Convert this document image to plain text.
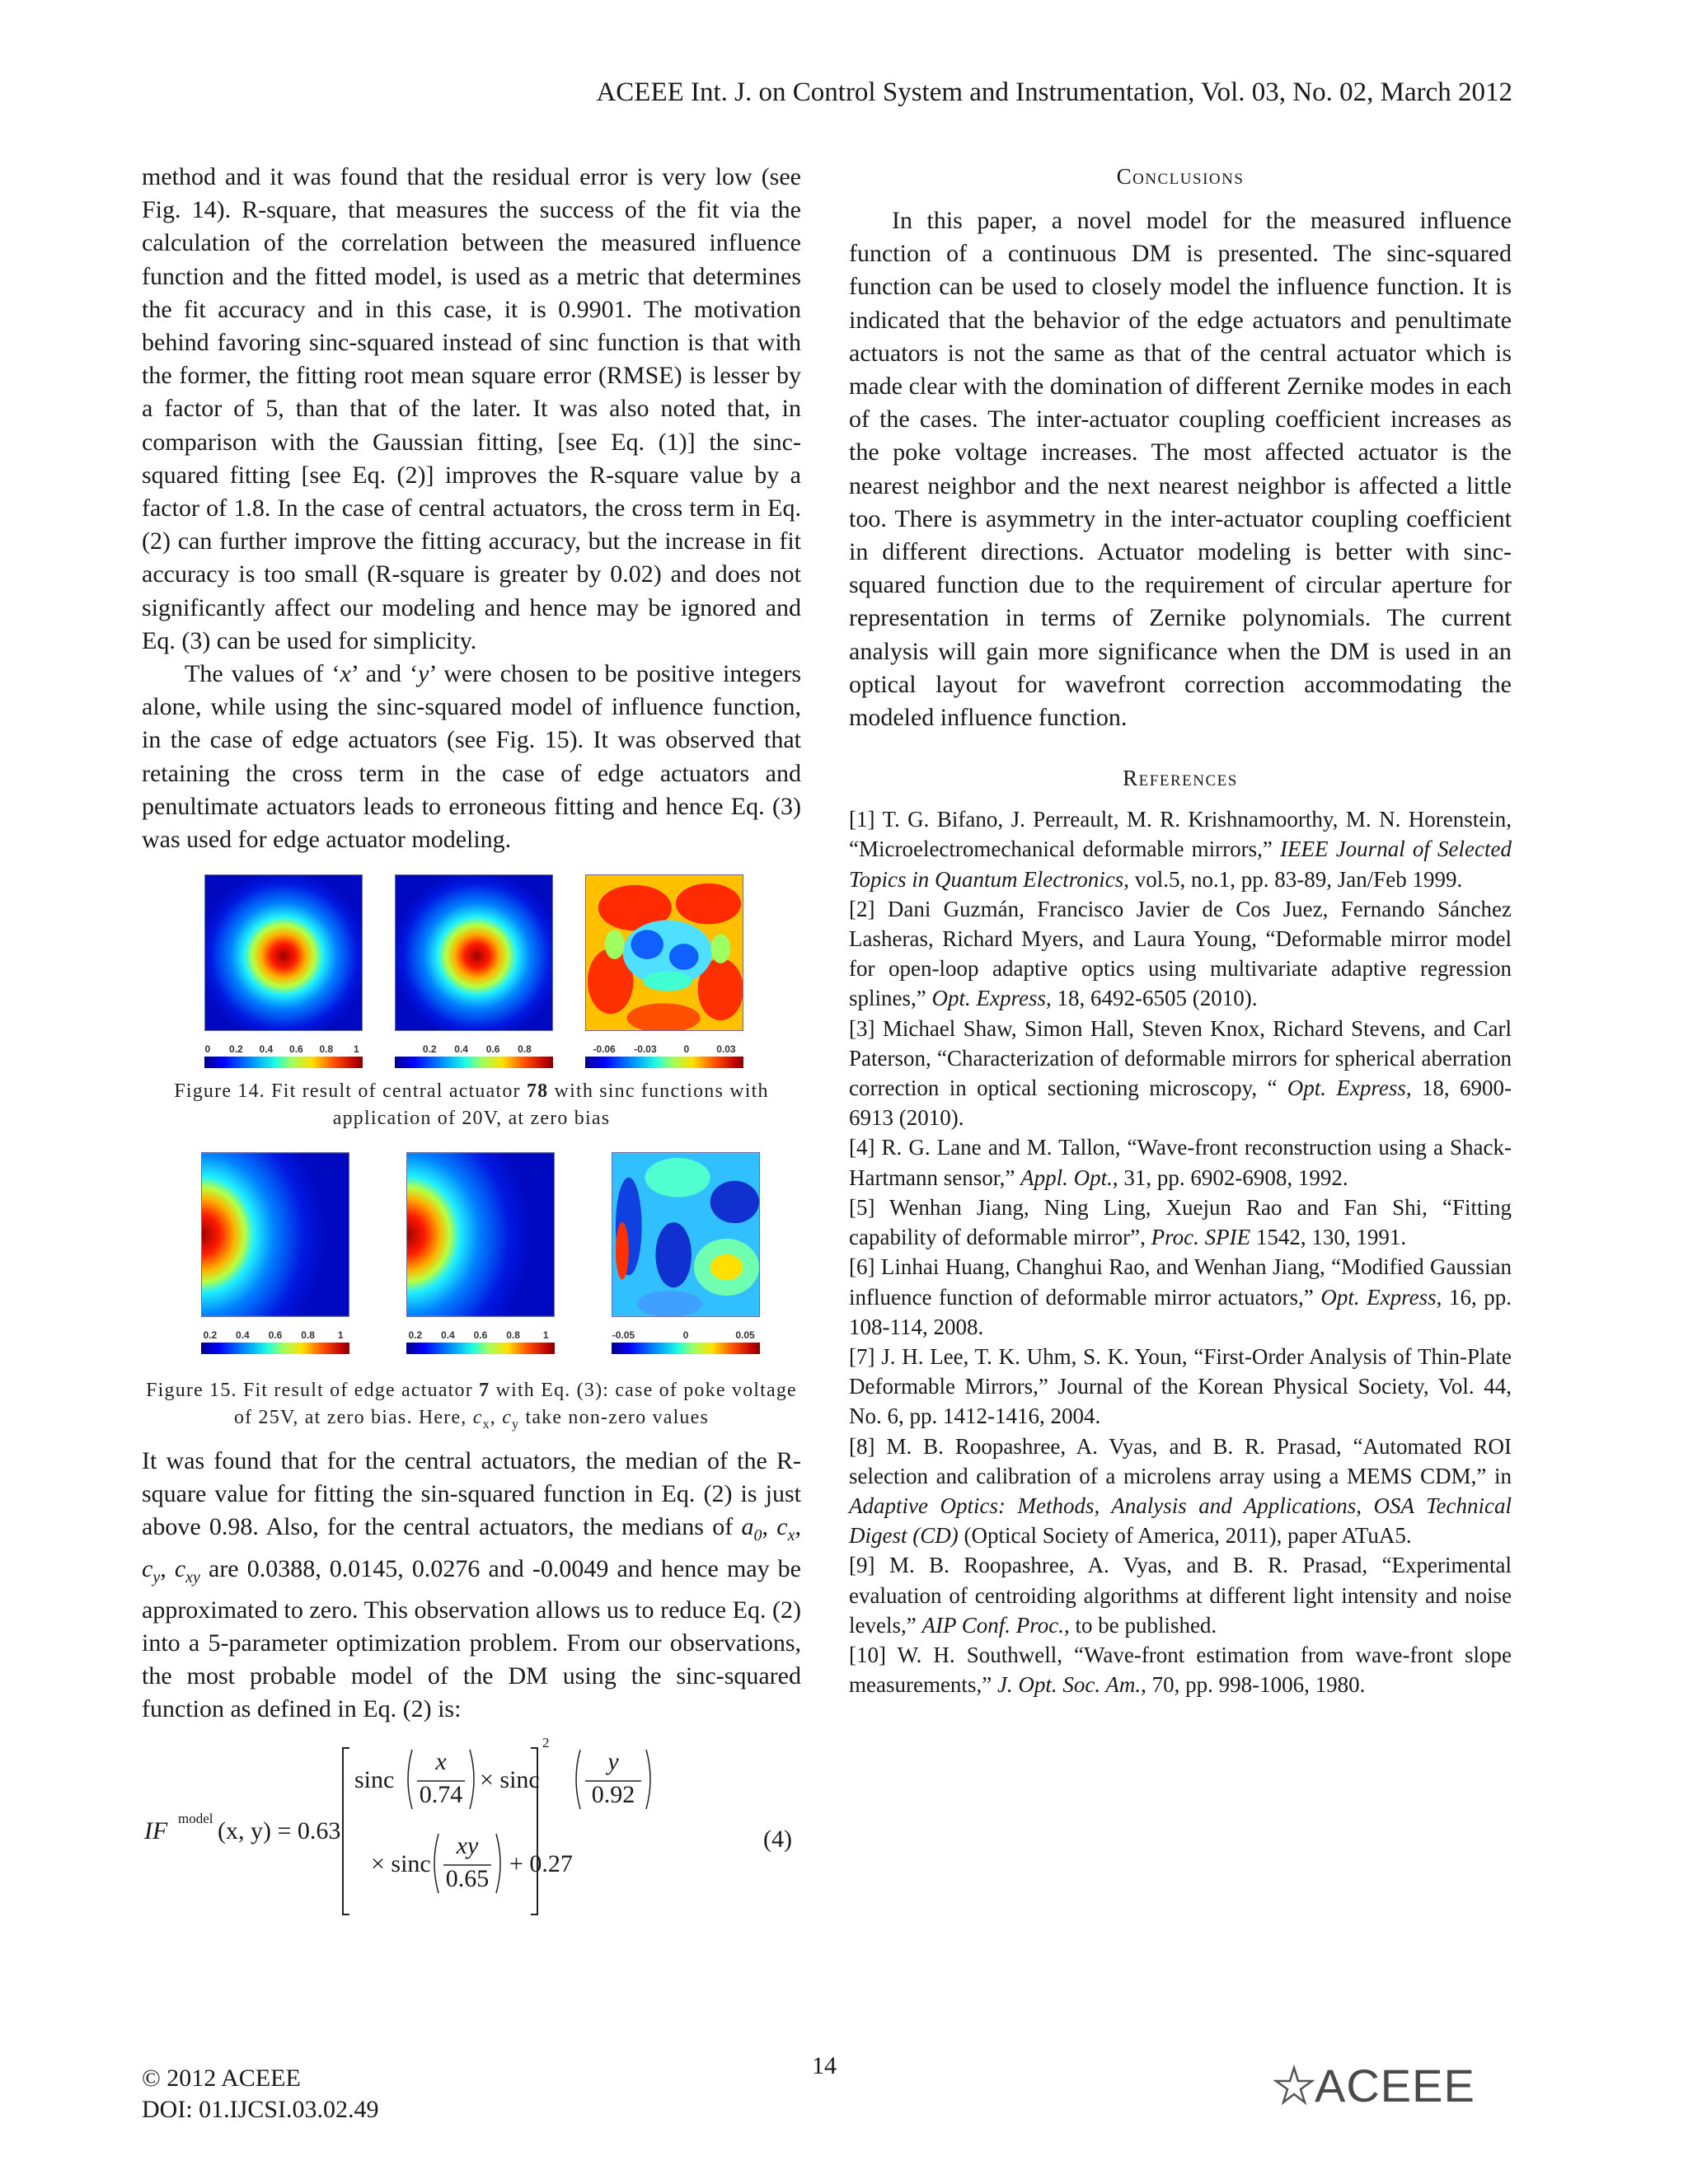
ACEEE Int. J. on Control System and Instrumentation, Vol. 03, No. 02, March 2012

method and it was found that the residual error is very low (see Fig. 14). R-square, that measures the success of the fit via the calculation of the correlation between the measured influence function and the fitted model, is used as a metric that determines the fit accuracy and in this case, it is 0.9901. The motivation behind favoring sinc-squared instead of sinc function is that with the former, the fitting root mean square error (RMSE) is lesser by a factor of 5, than that of the later. It was also noted that, in comparison with the Gaussian fitting, [see Eq. (1)] the sinc-squared fitting [see Eq. (2)] improves the R-square value by a factor of 1.8. In the case of central actuators, the cross term in Eq. (2) can further improve the fitting accuracy, but the increase in fit accuracy is too small (R-square is greater by 0.02) and does not significantly affect our modeling and hence may be ignored and Eq. (3) can be used for simplicity.

The values of ‘x’ and ‘y’ were chosen to be positive integers alone, while using the sinc-squared model of influence function, in the case of edge actuators (see Fig. 15). It was observed that retaining the cross term in the case of edge actuators and penultimate actuators leads to erroneous fitting and hence Eq. (3) was used for edge actuator modeling.

0 0.2 0.4 0.6 0.8 1	0.2 0.4 0.6 0.8	-0.06 -0.03	0	0.03

Figure 14. Fit result of central actuator 78 with sinc functions with application of 20V, at zero bias

0.2 0.4 0.6 0.8 1	0.2 0.4 0.6 0.8 1	-0.05	0	0.05

Figure 15. Fit result of edge actuator 7 with Eq. (3): case of poke voltage of 25V, at zero bias. Here, $c_x$, $c_y$ take non-zero values

It was found that for the central actuators, the median of the R-square value for fitting the sin-squared function in Eq. (2) is just above 0.98. Also, for the central actuators, the medians of $a_0$, $c_x$, $c_y$, $c_{xy}$ are 0.0388, 0.0145, 0.0276 and -0.0049 and hence may be approximated to zero. This observation allows us to reduce Eq. (2) into a 5-parameter optimization problem. From our observations, the most probable model of the DM using the sinc-squared function as defined in Eq. (2) is:

IF model (x, y) = 0.63
sinc
x
0.74
× sinc
y
0.92
× sinc
xy
0.65
+ 0.27
2
(4)

Conclusions

In this paper, a novel model for the measured influence function of a continuous DM is presented. The sinc-squared function can be used to closely model the influence function. It is indicated that the behavior of the edge actuators and penultimate actuators is not the same as that of the central actuator which is made clear with the domination of different Zernike modes in each of the cases. The inter-actuator coupling coefficient increases as the poke voltage increases. The most affected actuator is the nearest neighbor and the next nearest neighbor is affected a little too. There is asymmetry in the inter-actuator coupling coefficient in different directions. Actuator modeling is better with sinc-squared function due to the requirement of circular aperture for representation in terms of Zernike polynomials. The current analysis will gain more significance when the DM is used in an optical layout for wavefront correction accommodating the modeled influence function.

References

[1] T. G. Bifano, J. Perreault, M. R. Krishnamoorthy, M. N. Horenstein, “Microelectromechanical deformable mirrors,” IEEE Journal of Selected Topics in Quantum Electronics, vol.5, no.1, pp. 83-89, Jan/Feb 1999.

[2] Dani Guzmán, Francisco Javier de Cos Juez, Fernando Sánchez Lasheras, Richard Myers, and Laura Young, “Deformable mirror model for open-loop adaptive optics using multivariate adaptive regression splines,” Opt. Express, 18, 6492-6505 (2010).

[3] Michael Shaw, Simon Hall, Steven Knox, Richard Stevens, and Carl Paterson, “Characterization of deformable mirrors for spherical aberration correction in optical sectioning microscopy, “ Opt. Express, 18, 6900-6913 (2010).

[4] R. G. Lane and M. Tallon, “Wave-front reconstruction using a Shack-Hartmann sensor,” Appl. Opt., 31, pp. 6902-6908, 1992.

[5] Wenhan Jiang, Ning Ling, Xuejun Rao and Fan Shi, “Fitting capability of deformable mirror”, Proc. SPIE 1542, 130, 1991.

[6] Linhai Huang, Changhui Rao, and Wenhan Jiang, “Modified Gaussian influence function of deformable mirror actuators,” Opt. Express, 16, pp. 108-114, 2008.

[7] J. H. Lee, T. K. Uhm, S. K. Youn, “First-Order Analysis of Thin-Plate Deformable Mirrors,” Journal of the Korean Physical Society, Vol. 44, No. 6, pp. 1412-1416, 2004.

[8] M. B. Roopashree, A. Vyas, and B. R. Prasad, “Automated ROI selection and calibration of a microlens array using a MEMS CDM,” in Adaptive Optics: Methods, Analysis and Applications, OSA Technical Digest (CD) (Optical Society of America, 2011), paper ATuA5.

[9] M. B. Roopashree, A. Vyas, and B. R. Prasad, “Experimental evaluation of centroiding algorithms at different light intensity and noise levels,” AIP Conf. Proc., to be published.

[10] W. H. Southwell, “Wave-front estimation from wave-front slope measurements,” J. Opt. Soc. Am., 70, pp. 998-1006, 1980.

© 2012 ACEEE
DOI: 01.IJCSI.03.02.49
14	ACEEE
